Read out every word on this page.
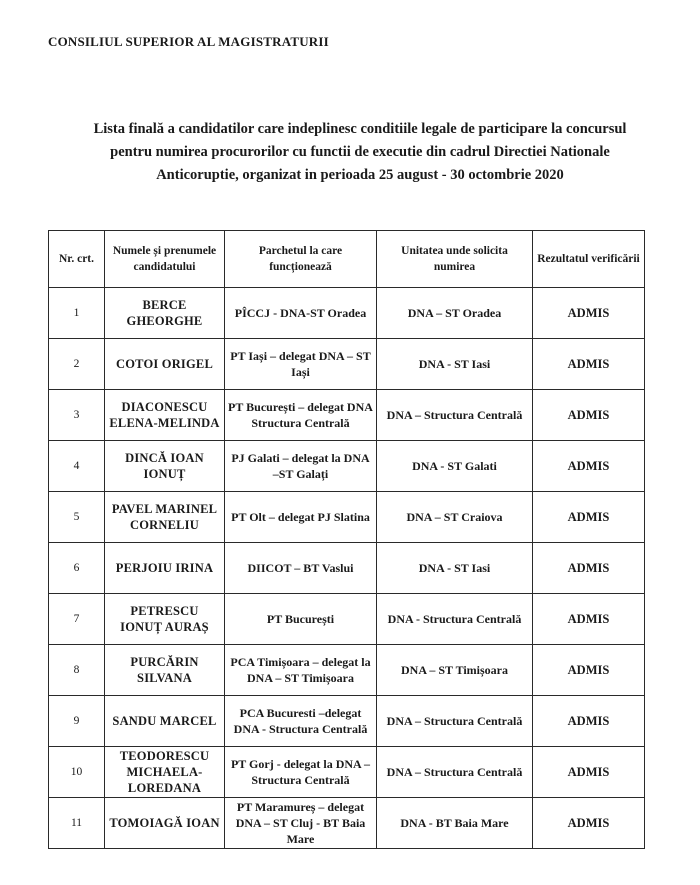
CONSILIUL SUPERIOR AL MAGISTRATURII
Lista finală a candidatilor care indeplinesc conditiile legale de participare la concursul
pentru numirea procurorilor cu functii de executie din cadrul Directiei Nationale
Anticoruptie, organizat in perioada 25 august - 30 octombrie 2020
Nr. crt.	Numele și prenumele candidatului	Parchetul la care funcționează	Unitatea unde solicita numirea	Rezultatul verificării
1	BERCE GHEORGHE	PÎCCJ - DNA-ST Oradea	DNA – ST Oradea	ADMIS
2	COTOI ORIGEL	PT Iași – delegat DNA – ST Iași	DNA - ST Iasi	ADMIS
3	DIACONESCU ELENA-MELINDA	PT București – delegat DNA Structura Centrală	DNA – Structura Centrală	ADMIS
4	DINCĂ IOAN IONUȚ	PJ Galati – delegat la DNA –ST Galați	DNA - ST Galati	ADMIS
5	PAVEL MARINEL CORNELIU	PT Olt – delegat PJ Slatina	DNA – ST Craiova	ADMIS
6	PERJOIU IRINA	DIICOT – BT Vaslui	DNA - ST Iasi	ADMIS
7	PETRESCU IONUȚ AURAȘ	PT București	DNA - Structura Centrală	ADMIS
8	PURCĂRIN SILVANA	PCA Timișoara – delegat la DNA – ST Timișoara	DNA – ST Timișoara	ADMIS
9	SANDU MARCEL	PCA Bucuresti –delegat DNA - Structura Centrală	DNA – Structura Centrală	ADMIS
10	TEODORESCU MICHAELA-LOREDANA	PT Gorj - delegat la DNA – Structura Centrală	DNA – Structura Centrală	ADMIS
11	TOMOIAGĂ IOAN	PT Maramureș – delegat DNA – ST Cluj - BT Baia Mare	DNA - BT Baia Mare	ADMIS
